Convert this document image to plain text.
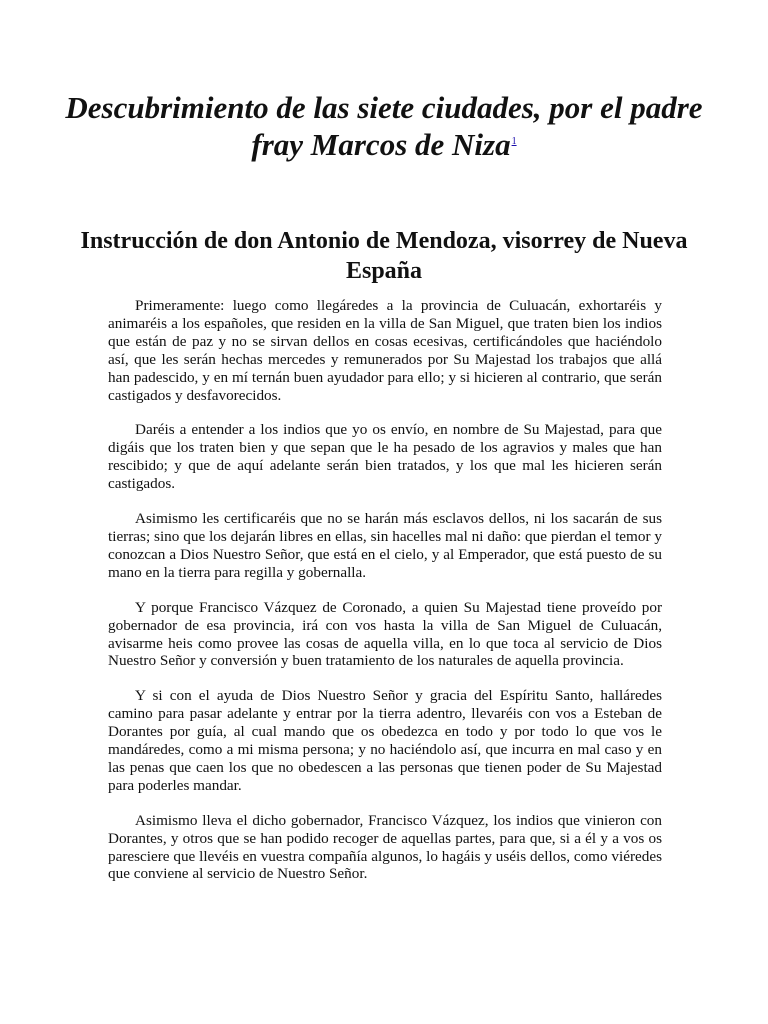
Descubrimiento de las siete ciudades, por el padre fray Marcos de Niza$^1$
Instrucción de don Antonio de Mendoza, visorrey de Nueva España

Primeramente: luego como llegáredes a la provincia de Culuacán, exhortaréis y animaréis a los españoles, que residen en la villa de San Miguel, que traten bien los indios que están de paz y no se sirvan dellos en cosas ecesivas, certificándoles que haciéndolo así, que les serán hechas mercedes y remunerados por Su Majestad los trabajos que allá han padescido, y en mí ternán buen ayudador para ello; y si hicieren al contrario, que serán castigados y desfavorecidos.

Daréis a entender a los indios que yo os envío, en nombre de Su Majestad, para que digáis que los traten bien y que sepan que le ha pesado de los agravios y males que han rescibido; y que de aquí adelante serán bien tratados, y los que mal les hicieren serán castigados.

Asimismo les certificaréis que no se harán más esclavos dellos, ni los sacarán de sus tierras; sino que los dejarán libres en ellas, sin hacelles mal ni daño: que pierdan el temor y conozcan a Dios Nuestro Señor, que está en el cielo, y al Emperador, que está puesto de su mano en la tierra para regilla y gobernalla.

Y porque Francisco Vázquez de Coronado, a quien Su Majestad tiene proveído por gobernador de esa provincia, irá con vos hasta la villa de San Miguel de Culuacán, avisarme heis como provee las cosas de aquella villa, en lo que toca al servicio de Dios Nuestro Señor y conversión y buen tratamiento de los naturales de aquella provincia.

Y si con el ayuda de Dios Nuestro Señor y gracia del Espíritu Santo, halláredes camino para pasar adelante y entrar por la tierra adentro, llevaréis con vos a Esteban de Dorantes por guía, al cual mando que os obedezca en todo y por todo lo que vos le mandáredes, como a mi misma persona; y no haciéndolo así, que incurra en mal caso y en las penas que caen los que no obedescen a las personas que tienen poder de Su Majestad para poderles mandar.

Asimismo lleva el dicho gobernador, Francisco Vázquez, los indios que vinieron con Dorantes, y otros que se han podido recoger de aquellas partes, para que, si a él y a vos os paresciere que llevéis en vuestra compañía algunos, lo hagáis y uséis dellos, como viéredes que conviene al servicio de Nuestro Señor.
